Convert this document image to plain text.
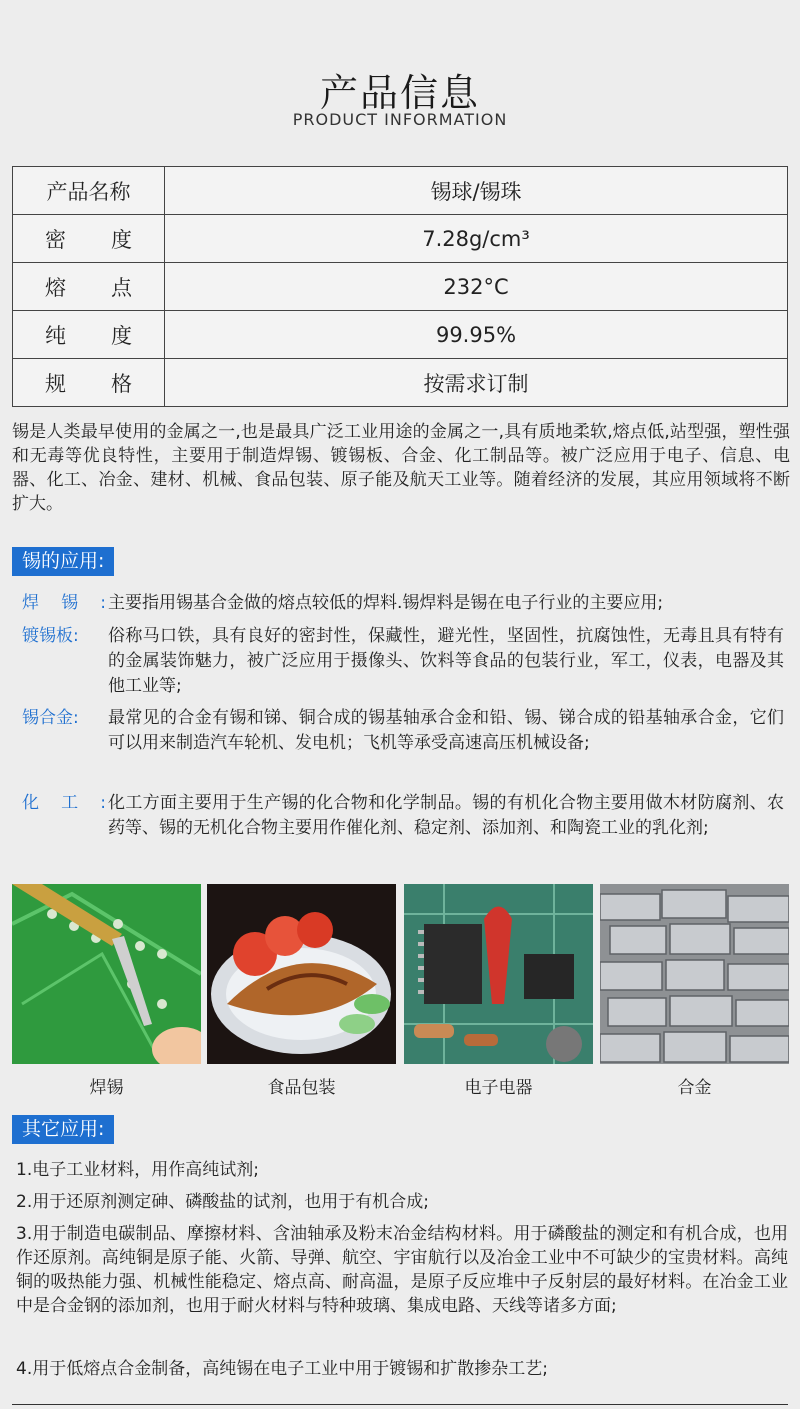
产品信息
PRODUCT INFORMATION
产品名称	锡球/锡珠

密 度	7.28g/cm³

熔 点	232°C

纯 度	99.95%

规 格	按需求订制
锡是人类最早使用的金属之一,也是最具广泛工业用途的金属之一,具有质地柔软,熔点低,站型强，塑性强和无毒等优良特性，主要用于制造焊锡、镀锡板、合金、化工制品等。被广泛应用于电子、信息、电器、化工、冶金、建材、机械、食品包装、原子能及航天工业等。随着经济的发展，其应用领域将不断扩大。
锡的应用:
焊 锡 : 主要指用锡基合金做的熔点较低的焊料.锡焊料是锡在电子行业的主要应用;
镀锡板:	俗称马口铁，具有良好的密封性，保藏性，避光性，坚固性，抗腐蚀性，无毒且具有特有的金属装饰魅力，被广泛应用于摄像头、饮料等食品的包装行业，军工，仪表，电器及其他工业等;
锡合金:	最常见的合金有锡和锑、铜合成的锡基轴承合金和铅、锡、锑合成的铅基轴承合金，它们可以用来制造汽车轮机、发电机；飞机等承受高速高压机械设备;
化 工 : 化工方面主要用于生产锡的化合物和化学制品。锡的有机化合物主要用做木材防腐剂、农药等、锡的无机化合物主要用作催化剂、稳定剂、添加剂、和陶瓷工业的乳化剂;
焊锡	食品包装	电子电器	合金
其它应用:
1.电子工业材料，用作高纯试剂;
2.用于还原剂测定砷、磷酸盐的试剂，也用于有机合成;
3.用于制造电碳制品、摩擦材料、含油轴承及粉末冶金结构材料。用于磷酸盐的测定和有机合成，也用作还原剂。高纯铜是原子能、火箭、导弹、航空、宇宙航行以及冶金工业中不可缺少的宝贵材料。高纯铜的吸热能力强、机械性能稳定、熔点高、耐高温，是原子反应堆中子反射层的最好材料。在冶金工业中是合金钢的添加剂，也用于耐火材料与特种玻璃、集成电路、天线等诸多方面;
4.用于低熔点合金制备，高纯锡在电子工业中用于镀锡和扩散掺杂工艺;
